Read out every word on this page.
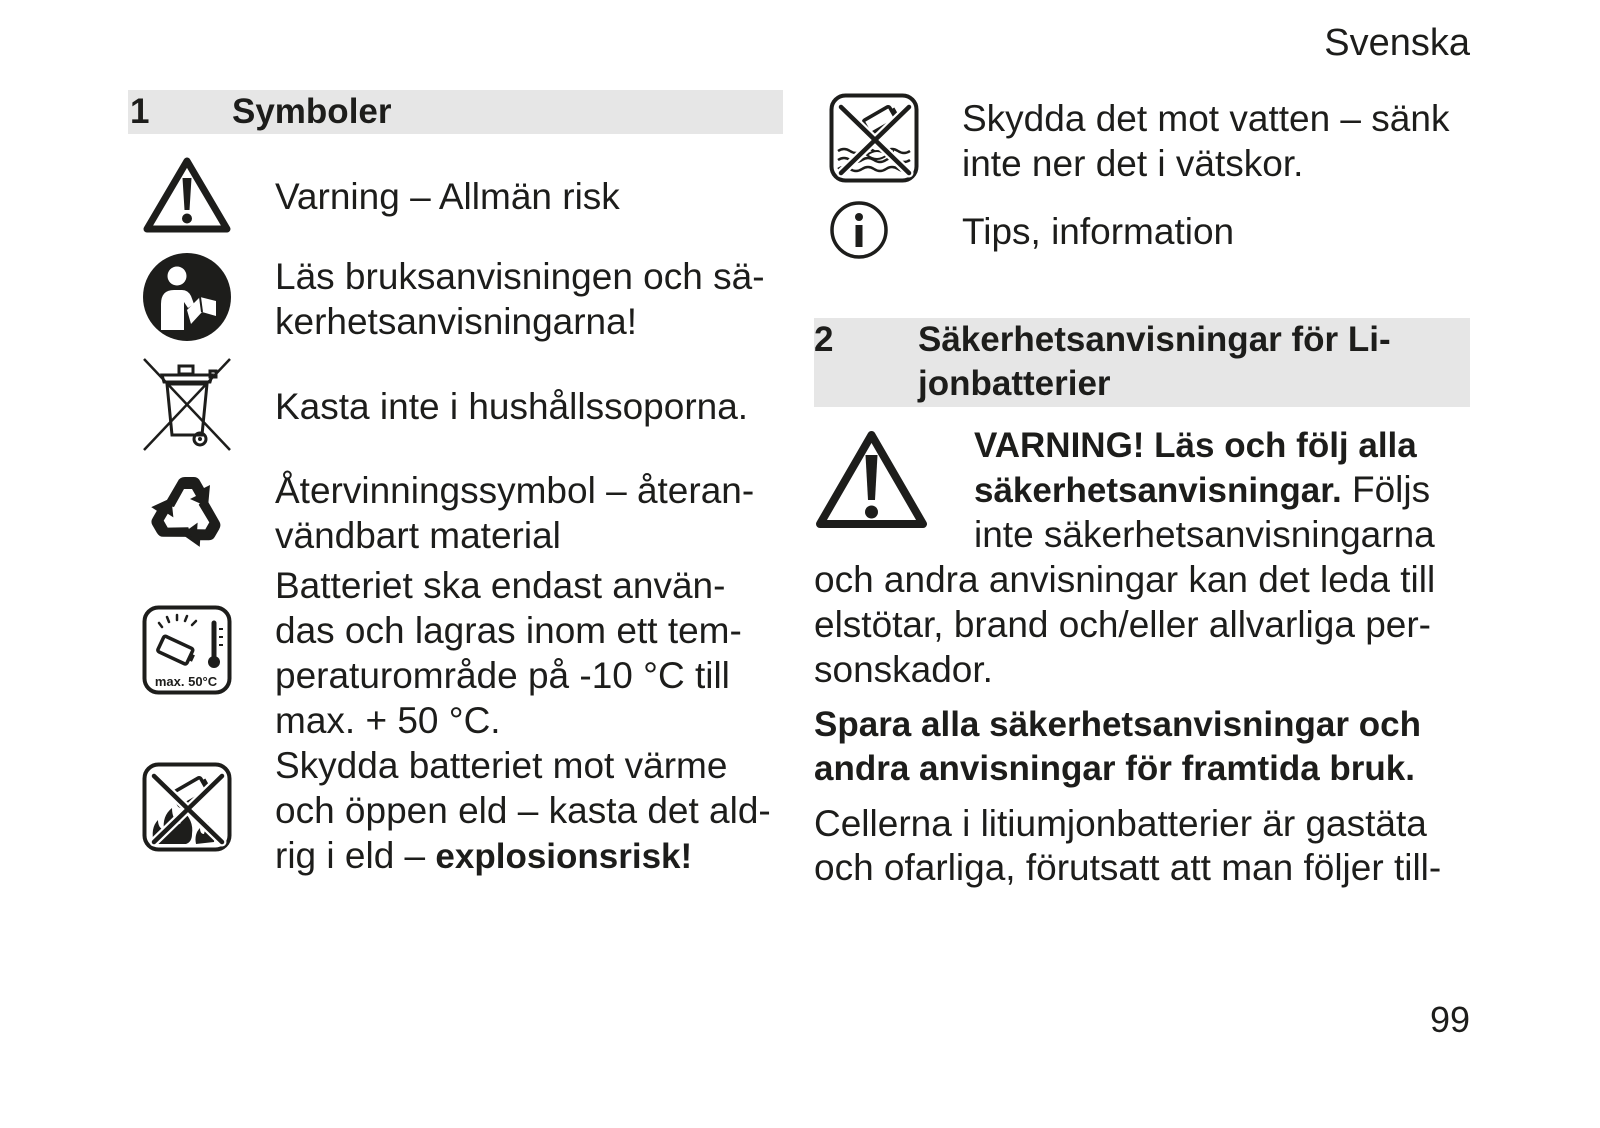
Svenska
1 Symboler
Varning – Allmän risk
Läs bruksanvisningen och sä-
kerhetsanvisningarna!
Kasta inte i hushållssoporna.
Återvinningssymbol – återan-
vändbart material
max. 50°C
Batteriet ska endast använ-
das och lagras inom ett tem-
peraturområde på -10 °C till
max. + 50 °C.
Skydda batteriet mot värme
och öppen eld – kasta det ald-
rig i eld – explosionsrisk!
Skydda det mot vatten – sänk
inte ner det i vätskor.
Tips, information
2 Säkerhetsanvisningar för Li-
jonbatterier
VARNING! Läs och följ alla
säkerhetsanvisningar. Följs
inte säkerhetsanvisningarna
och andra anvisningar kan det leda till
elstötar, brand och/eller allvarliga per-
sonskador.
Spara alla säkerhetsanvisningar och
andra anvisningar för framtida bruk.
Cellerna i litiumjonbatterier är gastäta
och ofarliga, förutsatt att man följer till-
99
